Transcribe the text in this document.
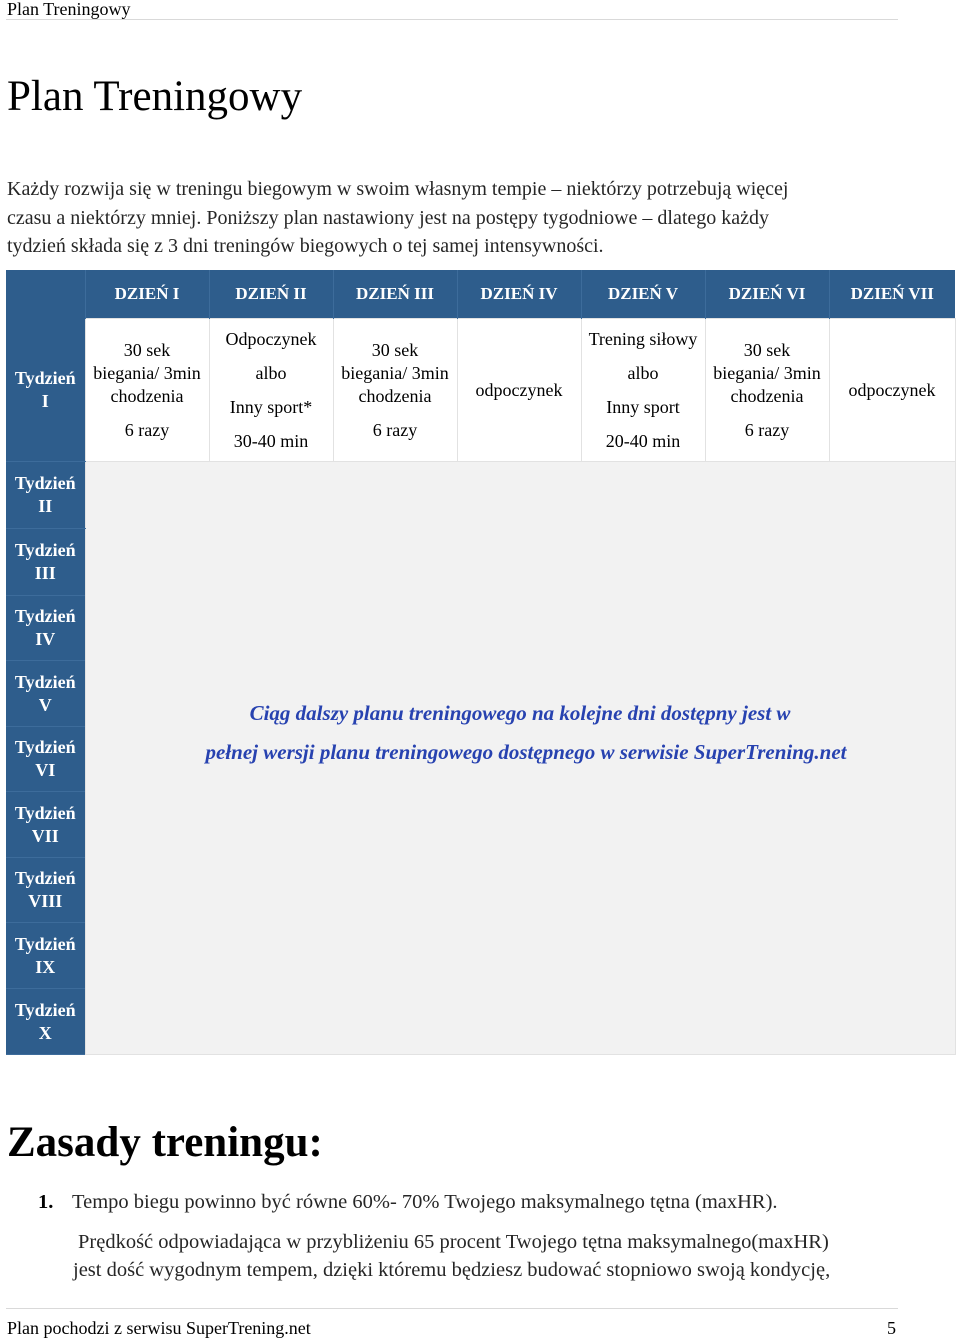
Plan Treningowy
Plan Treningowy

Każdy rozwija się w treningu biegowym w swoim własnym tempie – niektórzy potrzebują więcej
czasu a niektórzy mniej. Poniższy plan nastawiony jest na postępy tygodniowe – dlatego każdy
tydzień składa się z 3 dni treningów biegowych o tej samej intensywności.

	DZIEŃ I	DZIEŃ II	DZIEŃ III	DZIEŃ IV	DZIEŃ V	DZIEŃ VI	DZIEŃ VII
Tydzień
I	30 sek
biegania/ 3min
chodzenia
6 razy	Odpoczynek
albo
Inny sport*
30-40 min	30 sek
biegania/ 3min
chodzenia
6 razy	odpoczynek	Trening siłowy
albo
Inny sport
20-40 min	30 sek
biegania/ 3min
chodzenia
6 razy	odpoczynek

Tydzień
II	Ciąg dalszy planu treningowego na kolejne dni dostępny jest w
pełnej wersji planu treningowego dostępnego w serwisie SuperTrening.net						

Tydzień
III							
Tydzień
IV							
Tydzień
V							
Tydzień
VI							
Tydzień
VII							
Tydzień
VIII							
Tydzień
IX							
Tydzień
X							
Zasady treningu:
1. Tempo biegu powinno być równe 60%- 70% Twojego maksymalnego tętna (maxHR).

Prędkość odpowiadająca w przybliżeniu 65 procent Twojego tętna maksymalnego(maxHR)
jest dość wygodnym tempem, dzięki któremu będziesz budować stopniowo swoją kondycję,

Plan pochodzi z serwisu SuperTrening.net	5
